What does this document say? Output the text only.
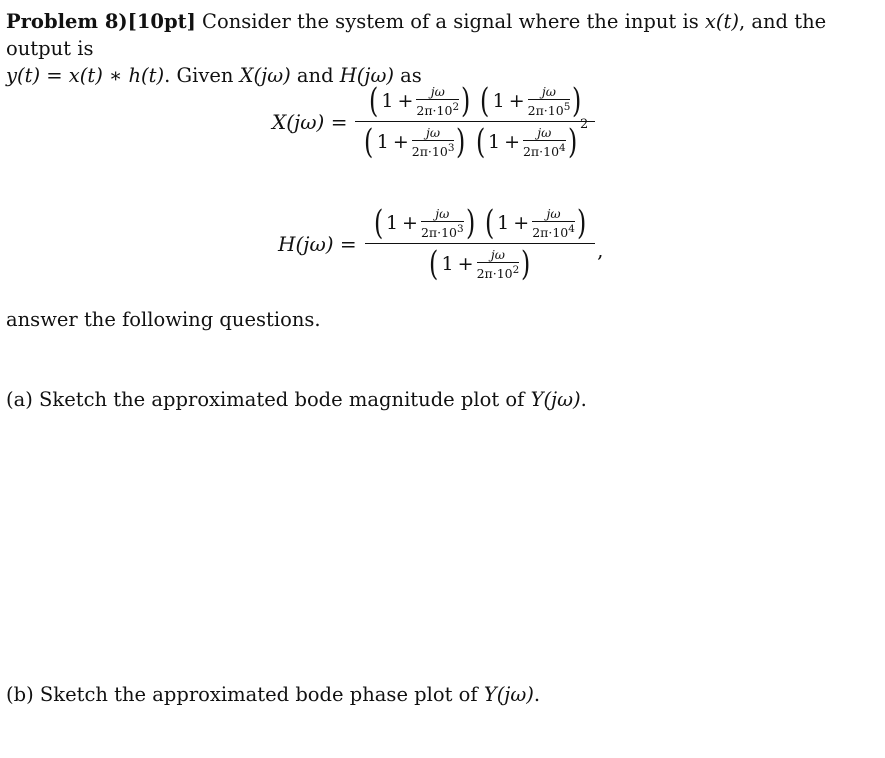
Problem 8)[10pt] Consider the system of a signal where the input is x(t), and the output is
y(t) = x(t) ∗ h(t). Given X(jω) and H(jω) as
X(jω) =
( 1 + jω
$2\pi\cdot 10^2$ ) ( 1 + jω
$2\pi\cdot 10^5$ )
( 1 + jω
$2\pi\cdot 10^3$ ) ( 1 + jω
$2\pi\cdot 10^4$ ) 2
H(jω) =
( 1 + jω
$2\pi\cdot 10^3$ ) ( 1 + jω
$2\pi\cdot 10^4$ )
( 1 + jω
$2\pi\cdot 10^2$ )	,
answer the following questions.
(a) Sketch the approximated bode magnitude plot of Y(jω).
(b) Sketch the approximated bode phase plot of Y(jω).
